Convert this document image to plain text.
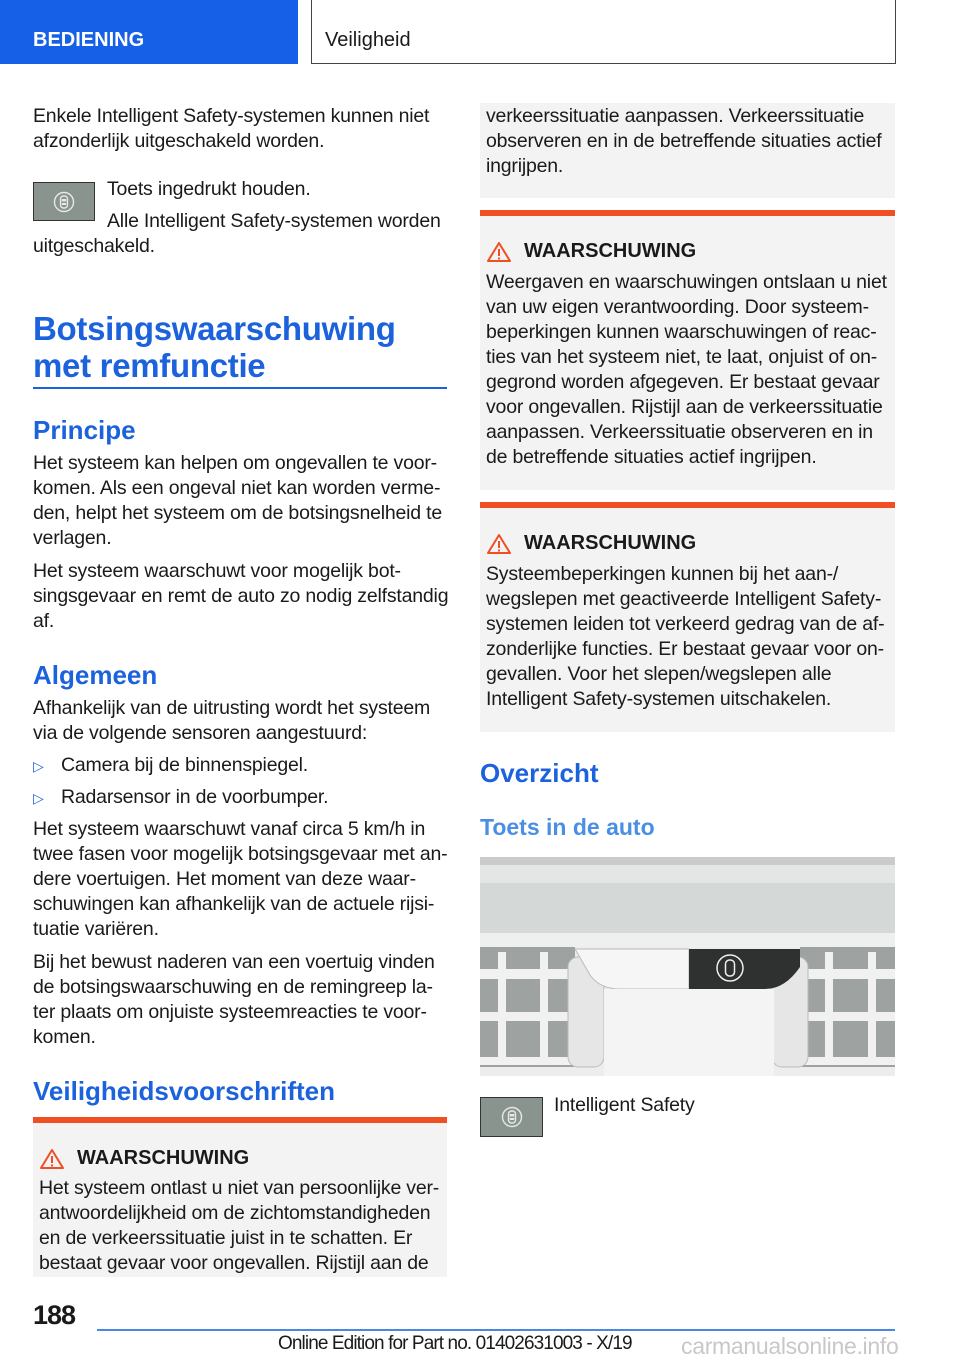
BEDIENING	Veiligheid
Enkele Intelligent Safety-systemen kunnen niet
afzonderlijk uitgeschakeld worden.
Toets ingedrukt houden.
Alle Intelligent Safety-systemen worden
uitgeschakeld.
Botsingswaarschuwing
met remfunctie
Principe
Het systeem kan helpen om ongevallen te voor-
komen. Als een ongeval niet kan worden verme-
den, helpt het systeem om de botsingsnelheid te
verlagen.
Het systeem waarschuwt voor mogelijk bot-
singsgevaar en remt de auto zo nodig zelfstandig
af.
Algemeen
Afhankelijk van de uitrusting wordt het systeem
via de volgende sensoren aangestuurd:
▷ Camera bij de binnenspiegel.
▷ Radarsensor in de voorbumper.
Het systeem waarschuwt vanaf circa 5 km/h in
twee fasen voor mogelijk botsingsgevaar met an-
dere voertuigen. Het moment van deze waar-
schuwingen kan afhankelijk van de actuele rijsi-
tuatie variëren.
Bij het bewust naderen van een voertuig vinden
de botsingswaarschuwing en de remingreep la-
ter plaats om onjuiste systeemreacties te voor-
komen.
Veiligheidsvoorschriften
WAARSCHUWING
Het systeem ontlast u niet van persoonlijke ver-
antwoordelijkheid om de zichtomstandigheden
en de verkeerssituatie juist in te schatten. Er
bestaat gevaar voor ongevallen. Rijstijl aan de
verkeerssituatie aanpassen. Verkeerssituatie
observeren en in de betreffende situaties actief
ingrijpen.
WAARSCHUWING
Weergaven en waarschuwingen ontslaan u niet
van uw eigen verantwoording. Door systeem-
beperkingen kunnen waarschuwingen of reac-
ties van het systeem niet, te laat, onjuist of on-
gegrond worden afgegeven. Er bestaat gevaar
voor ongevallen. Rijstijl aan de verkeerssituatie
aanpassen. Verkeerssituatie observeren en in
de betreffende situaties actief ingrijpen.
WAARSCHUWING
Systeembeperkingen kunnen bij het aan-/
wegslepen met geactiveerde Intelligent Safety-
systemen leiden tot verkeerd gedrag van de af-
zonderlijke functies. Er bestaat gevaar voor on-
gevallen. Voor het slepen/wegslepen alle
Intelligent Safety-systemen uitschakelen.
Overzicht
Toets in de auto
Intelligent Safety
188
Online Edition for Part no. 01402631003 - X/19 carmanualsonline.info
